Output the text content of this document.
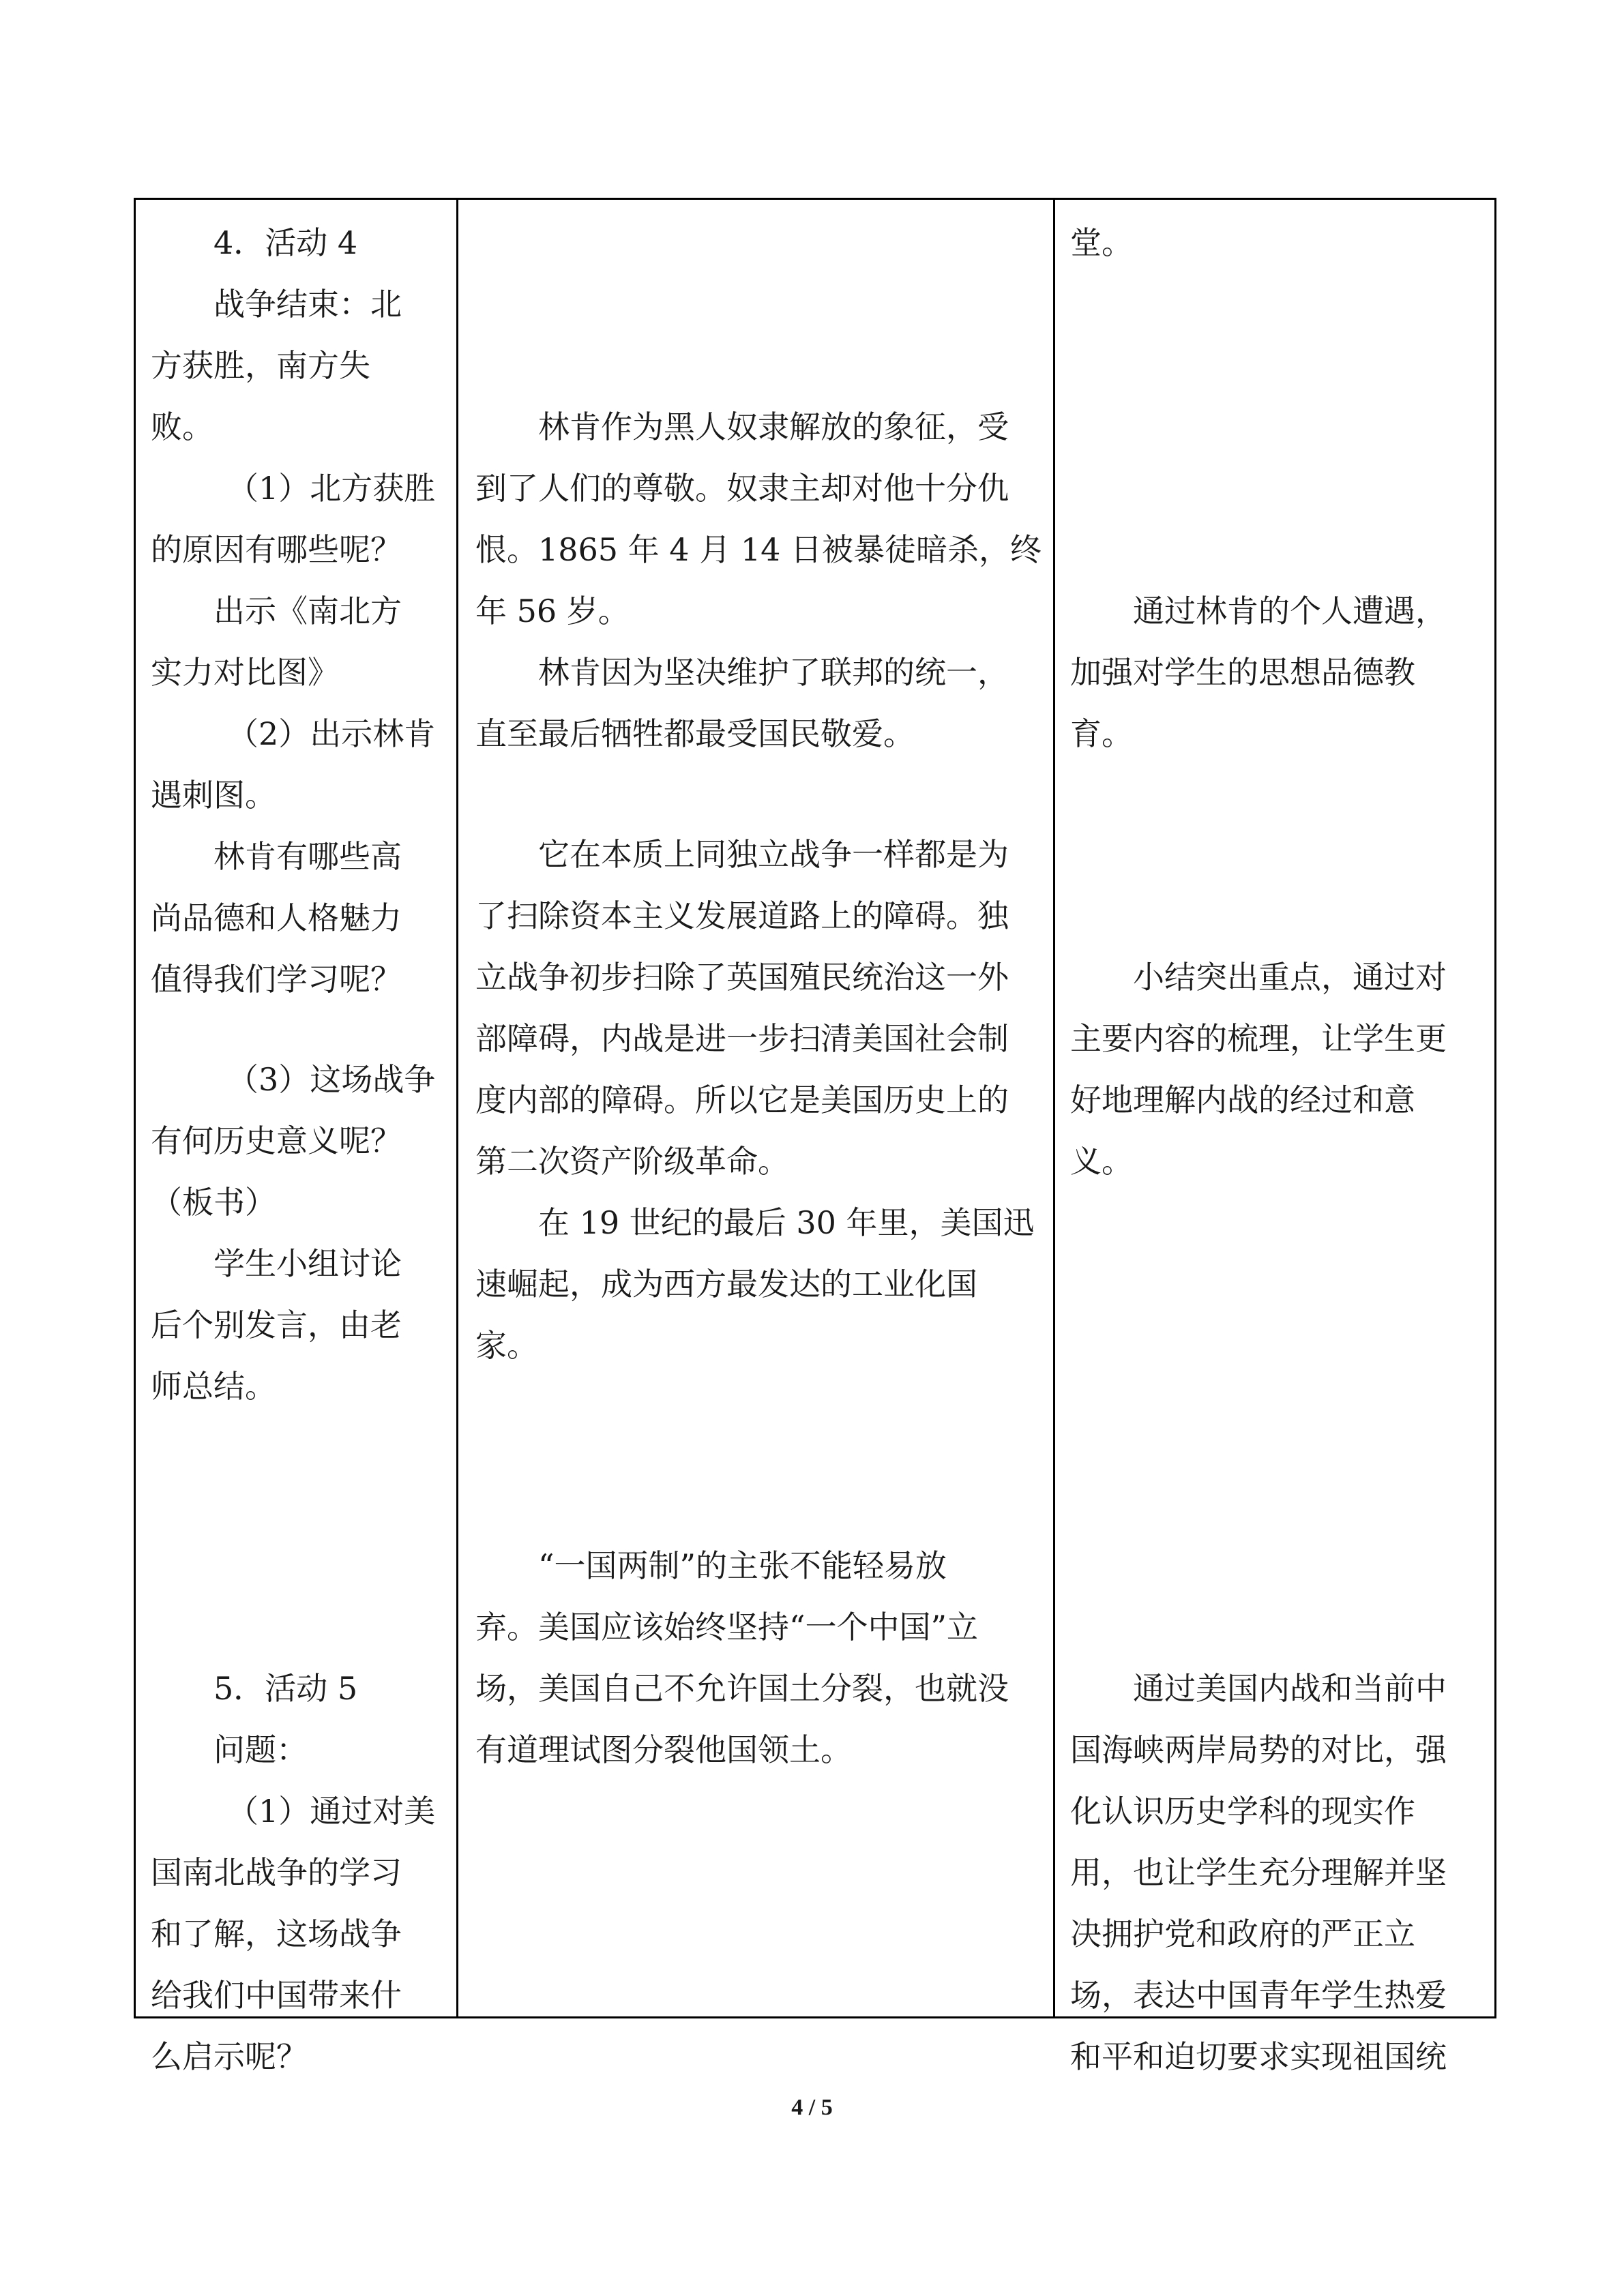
4．活动 4
战争结束：北
方获胜，南方失
败。
（1）北方获胜
的原因有哪些呢？
出示《南北方
实力对比图》
（2）出示林肯
遇刺图。
林肯有哪些高
尚品德和人格魅力
值得我们学习呢？
（3）这场战争
有何历史意义呢？
（板书）
学生小组讨论
后个别发言，由老
师总结。
5．活动 5
问题：
（1）通过对美
国南北战争的学习
和了解，这场战争
给我们中国带来什
么启示呢？
林肯作为黑人奴隶解放的象征，受
到了人们的尊敬。奴隶主却对他十分仇
恨。1865 年 4 月 14 日被暴徒暗杀，终
年 56 岁。
林肯因为坚决维护了联邦的统一，
直至最后牺牲都最受国民敬爱。
它在本质上同独立战争一样都是为
了扫除资本主义发展道路上的障碍。独
立战争初步扫除了英国殖民统治这一外
部障碍，内战是进一步扫清美国社会制
度内部的障碍。所以它是美国历史上的
第二次资产阶级革命。
在 19 世纪的最后 30 年里，美国迅
速崛起，成为西方最发达的工业化国
家。
“一国两制”的主张不能轻易放
弃。美国应该始终坚持“一个中国”立
场，美国自己不允许国土分裂，也就没
有道理试图分裂他国领土。
堂。
通过林肯的个人遭遇，
加强对学生的思想品德教
育。
小结突出重点，通过对
主要内容的梳理，让学生更
好地理解内战的经过和意
义。
通过美国内战和当前中
国海峡两岸局势的对比，强
化认识历史学科的现实作
用，也让学生充分理解并坚
决拥护党和政府的严正立
场，表达中国青年学生热爱
和平和迫切要求实现祖国统
4 / 5
